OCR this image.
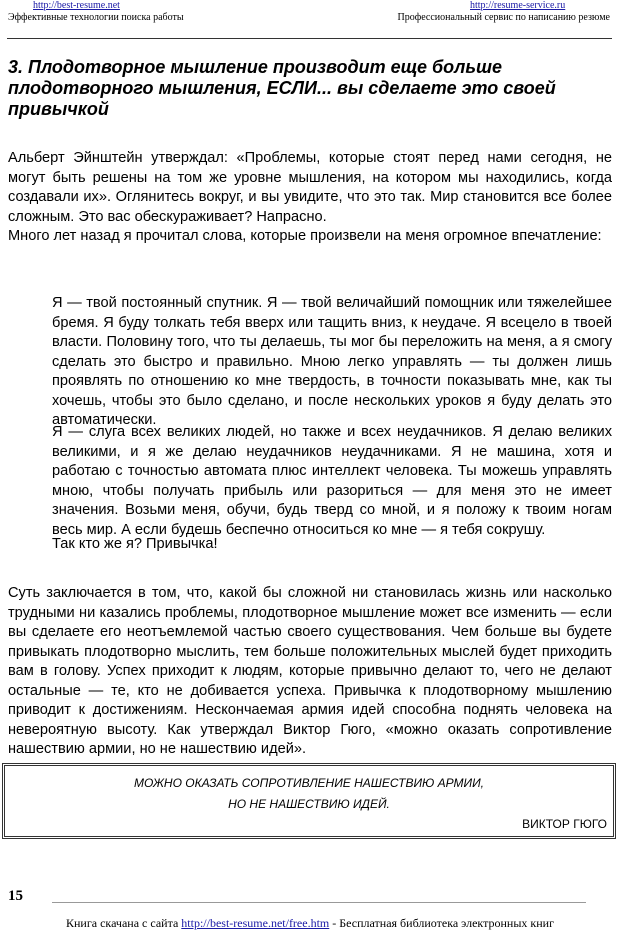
http://best-resume.net
Эффективные технологии поиска работы
http://resume-service.ru
Профессиональный сервис по написанию резюме
3. Плодотворное мышление производит еще больше плодотворного мышления, ЕСЛИ... вы сделаете это своей привычкой

Альберт Эйнштейн утверждал: «Проблемы, которые стоят перед нами сегодня, не могут быть решены на том же уровне мышления, на котором мы находились, когда создавали их». Оглянитесь вокруг, и вы увидите, что это так. Мир становится все более сложным. Это вас обескураживает? Напрасно.

Много лет назад я прочитал слова, которые произвели на меня огромное впечатление:

Я — твой постоянный спутник. Я — твой величайший помощник или тяжелейшее бремя. Я буду толкать тебя вверх или тащить вниз, к неудаче. Я всецело в твоей власти. Половину того, что ты делаешь, ты мог бы переложить на меня, а я смогу сделать это быстро и правильно. Мною легко управлять — ты должен лишь проявлять по отношению ко мне твердость, в точности показывать мне, как ты хочешь, чтобы это было сделано, и после нескольких уроков я буду делать это автоматически.

Я — слуга всех великих людей, но также и всех неудачников. Я делаю великих великими, и я же делаю неудачников неудачниками. Я не машина, хотя и работаю с точностью автомата плюс интеллект человека. Ты можешь управлять мною, чтобы получать прибыль или разориться — для меня это не имеет значения. Возьми меня, обучи, будь тверд со мной, и я положу к твоим ногам весь мир. А если будешь беспечно относиться ко мне — я тебя сокрушу.

Так кто же я? Привычка!

Суть заключается в том, что, какой бы сложной ни становилась жизнь или насколько трудными ни казались проблемы, плодотворное мышление может все изменить — если вы сделаете его неотъемлемой частью своего существования. Чем больше вы будете привыкать плодотворно мыслить, тем больше положительных мыслей будет приходить вам в голову. Успех приходит к людям, которые привычно делают то, чего не делают остальные — те, кто не добивается успеха. Привычка к плодотворному мышлению приводит к достижениям. Нескончаемая армия идей способна поднять человека на невероятную высоту. Как утверждал Виктор Гюго, «можно оказать сопротивление нашествию армии, но не нашествию идей».

МОЖНО ОКАЗАТЬ СОПРОТИВЛЕНИЕ НАШЕСТВИЮ АРМИИ,
НО НЕ НАШЕСТВИЮ ИДЕЙ.
ВИКТОР ГЮГО
15
Книга скачана с сайта http://best-resume.net/free.htm - Бесплатная библиотека электронных книг
